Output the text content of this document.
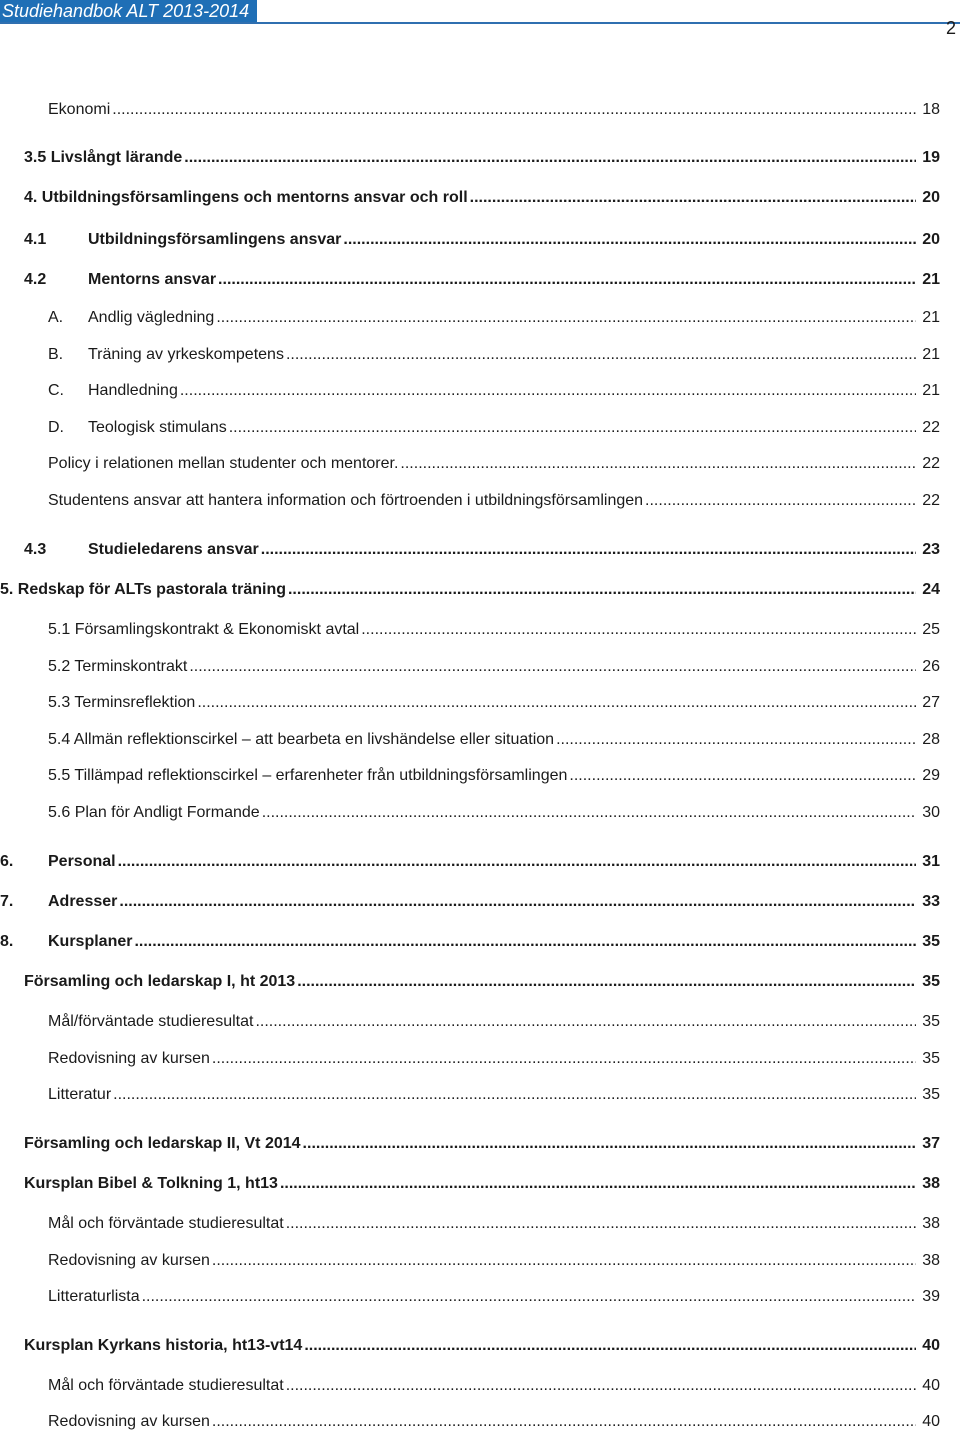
Studiehandbok ALT 2013-2014
2
Ekonomi .....	18
3.5 Livslångt lärande .....	19
4. Utbildningsförsamlingens och mentorns ansvar och roll .....	20
4.1	Utbildningsförsamlingens ansvar .....	20
4.2	Mentorns ansvar .....	21
A.	Andlig vägledning .....	21
B.	Träning av yrkeskompetens .....	21
C.	Handledning .....	21
D.	Teologisk stimulans .....	22
Policy i relationen mellan studenter och mentorer. .....	22
Studentens ansvar att hantera information och förtroenden i utbildningsförsamlingen .....	22
4.3	Studieledarens ansvar .....	23
5. Redskap för ALTs pastorala träning .....	24
5.1 Församlingskontrakt & Ekonomiskt avtal .....	25
5.2 Terminskontrakt .....	26
5.3 Terminsreflektion .....	27
5.4 Allmän reflektionscirkel – att bearbeta en livshändelse eller situation .....	28
5.5 Tillämpad reflektionscirkel – erfarenheter från utbildningsförsamlingen .....	29
5.6 Plan för Andligt Formande .....	30
6.	Personal .....	31
7.	Adresser .....	33
8.	Kursplaner .....	35
Församling och ledarskap I, ht 2013 .....	35
Mål/förväntade studieresultat .....	35
Redovisning av kursen .....	35
Litteratur .....	35
Församling och ledarskap II, Vt 2014 .....	37
Kursplan Bibel & Tolkning 1, ht13 .....	38
Mål och förväntade studieresultat .....	38
Redovisning av kursen .....	38
Litteraturlista .....	39
Kursplan Kyrkans historia, ht13-vt14 .....	40
Mål och förväntade studieresultat .....	40
Redovisning av kursen .....	40
